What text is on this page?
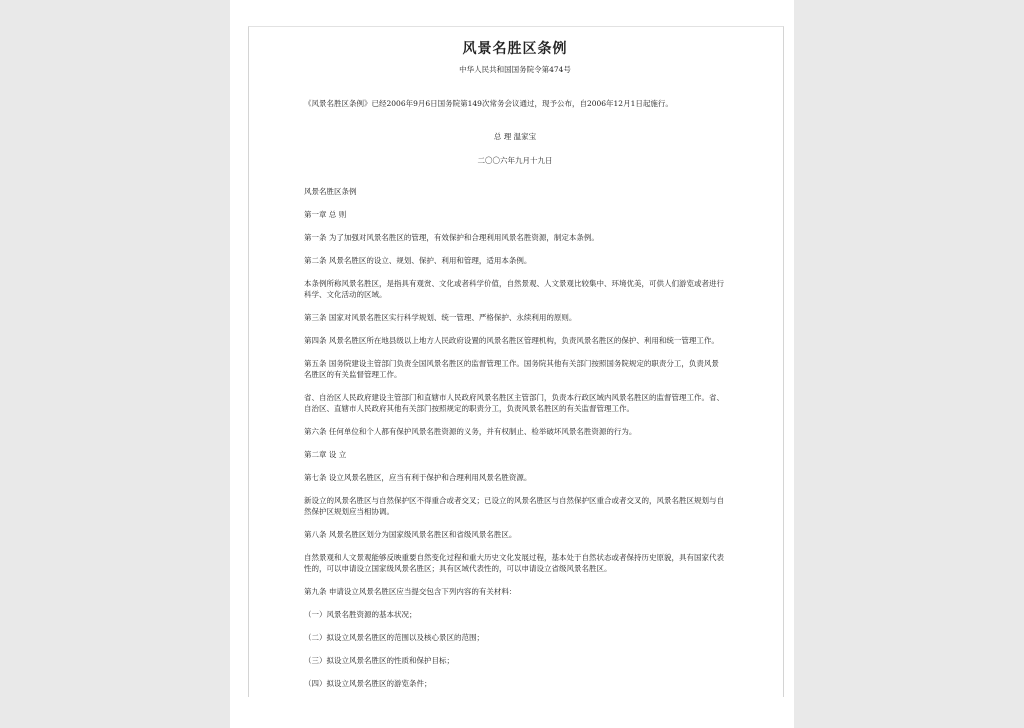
风景名胜区条例
中华人民共和国国务院令第474号
《风景名胜区条例》已经2006年9月6日国务院第149次常务会议通过，现予公布，自2006年12月1日起施行。
总 理 温家宝
二〇〇六年九月十九日
风景名胜区条例
第一章 总 则
第一条 为了加强对风景名胜区的管理，有效保护和合理利用风景名胜资源，制定本条例。
第二条 风景名胜区的设立、规划、保护、利用和管理，适用本条例。
本条例所称风景名胜区，是指具有观赏、文化或者科学价值，自然景观、人文景观比较集中、环境优美，可供人们游览或者进行科学、文化活动的区域。
第三条 国家对风景名胜区实行科学规划、统一管理、严格保护、永续利用的原则。
第四条 风景名胜区所在地县级以上地方人民政府设置的风景名胜区管理机构，负责风景名胜区的保护、利用和统一管理工作。
第五条 国务院建设主管部门负责全国风景名胜区的监督管理工作。国务院其他有关部门按照国务院规定的职责分工，负责风景名胜区的有关监督管理工作。
省、自治区人民政府建设主管部门和直辖市人民政府风景名胜区主管部门，负责本行政区域内风景名胜区的监督管理工作。省、自治区、直辖市人民政府其他有关部门按照规定的职责分工，负责风景名胜区的有关监督管理工作。
第六条 任何单位和个人都有保护风景名胜资源的义务，并有权制止、检举破坏风景名胜资源的行为。
第二章 设 立
第七条 设立风景名胜区，应当有利于保护和合理利用风景名胜资源。
新设立的风景名胜区与自然保护区不得重合或者交叉；已设立的风景名胜区与自然保护区重合或者交叉的，风景名胜区规划与自然保护区规划应当相协调。
第八条 风景名胜区划分为国家级风景名胜区和省级风景名胜区。
自然景观和人文景观能够反映重要自然变化过程和重大历史文化发展过程，基本处于自然状态或者保持历史原貌，具有国家代表性的，可以申请设立国家级风景名胜区；具有区域代表性的，可以申请设立省级风景名胜区。
第九条 申请设立风景名胜区应当提交包含下列内容的有关材料：
（一）风景名胜资源的基本状况；
（二）拟设立风景名胜区的范围以及核心景区的范围；
（三）拟设立风景名胜区的性质和保护目标；
（四）拟设立风景名胜区的游览条件；
